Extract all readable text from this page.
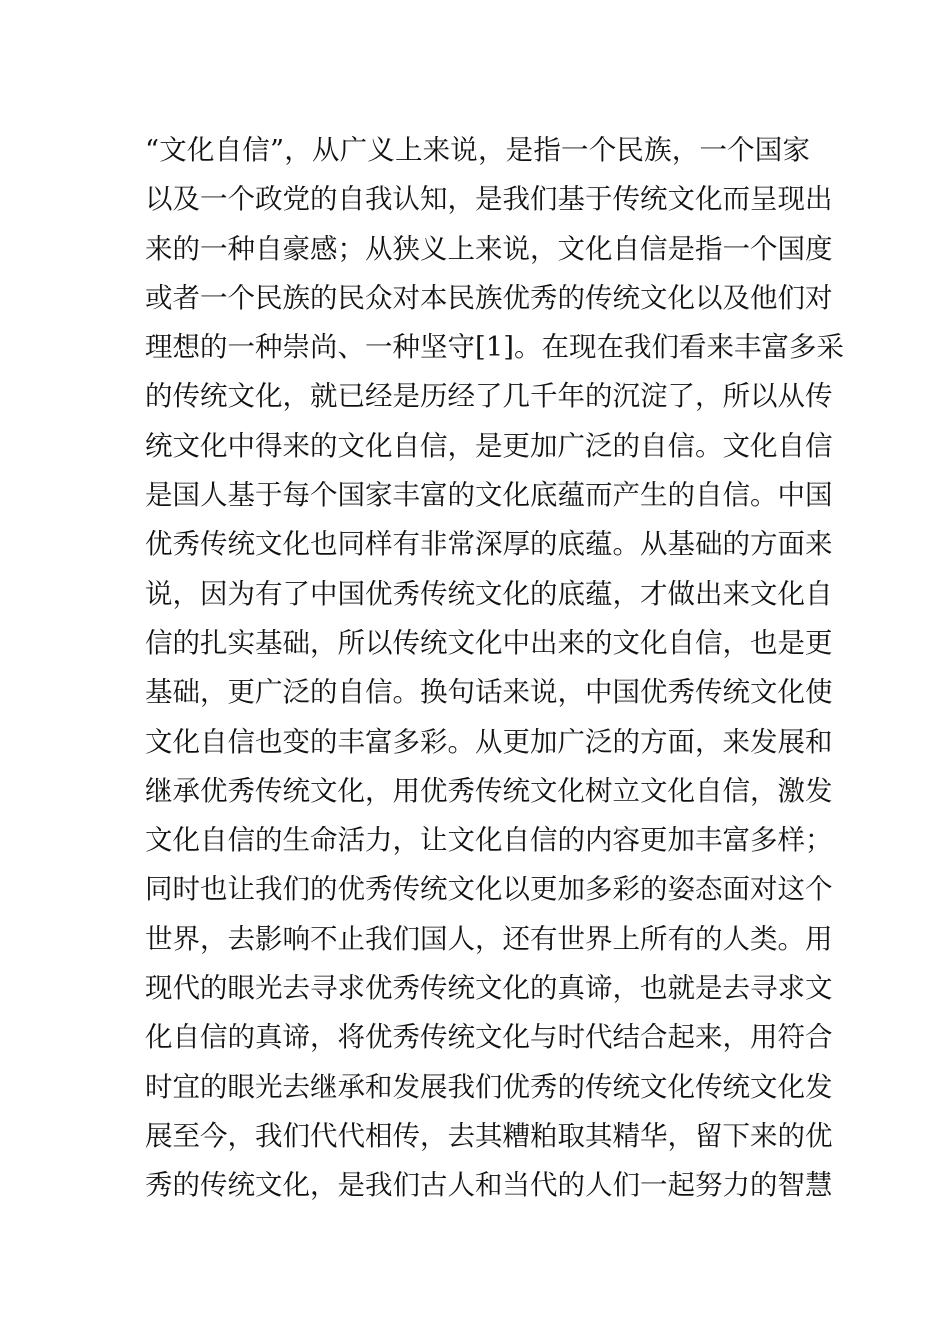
“文化自信”，从广义上来说，是指一个民族，一个国家
以及一个政党的自我认知，是我们基于传统文化而呈现出
来的一种自豪感；从狭义上来说，文化自信是指一个国度
或者一个民族的民众对本民族优秀的传统文化以及他们对
理想的一种崇尚、一种坚守[1]。在现在我们看来丰富多采
的传统文化，就已经是历经了几千年的沉淀了，所以从传
统文化中得来的文化自信，是更加广泛的自信。文化自信
是国人基于每个国家丰富的文化底蕴而产生的自信。中国
优秀传统文化也同样有非常深厚的底蕴。从基础的方面来
说，因为有了中国优秀传统文化的底蕴，才做出来文化自
信的扎实基础，所以传统文化中出来的文化自信，也是更
基础，更广泛的自信。换句话来说，中国优秀传统文化使
文化自信也变的丰富多彩。从更加广泛的方面，来发展和
继承优秀传统文化，用优秀传统文化树立文化自信，激发
文化自信的生命活力，让文化自信的内容更加丰富多样；
同时也让我们的优秀传统文化以更加多彩的姿态面对这个
世界，去影响不止我们国人，还有世界上所有的人类。用
现代的眼光去寻求优秀传统文化的真谛，也就是去寻求文
化自信的真谛，将优秀传统文化与时代结合起来，用符合
时宜的眼光去继承和发展我们优秀的传统文化传统文化发
展至今，我们代代相传，去其糟粕取其精华，留下来的优
秀的传统文化，是我们古人和当代的人们一起努力的智慧
